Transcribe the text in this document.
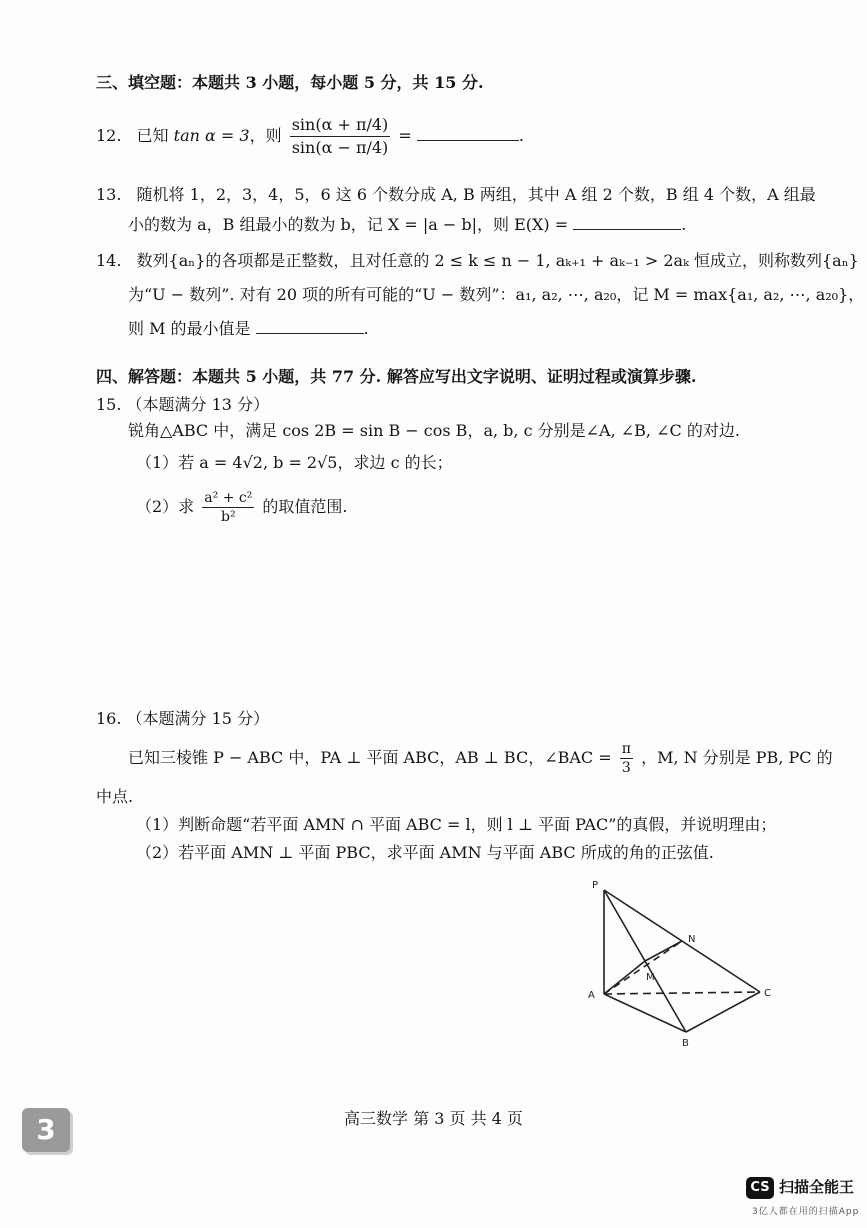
三、填空题：本题共 3 小题，每小题 5 分，共 15 分.
12. 已知 tan α = 3，则 $\frac{\sin(\alpha + \pi/4)}{\sin(\alpha - \pi/4)}$ =	.
13. 随机将 1，2，3，4，5，6 这 6 个数分成 A, B 两组，其中 A 组 2 个数，B 组 4 个数，A 组最
小的数为 a，B 组最小的数为 b，记 X = |a − b|，则 E(X) =	.
14. 数列{aₙ}的各项都是正整数，且对任意的 2 ≤ k ≤ n − 1, aₖ₊₁ + aₖ₋₁ > 2aₖ 恒成立，则称数列{aₙ}
为“U − 数列”. 对有 20 项的所有可能的“U − 数列”：a₁, a₂, ⋯, a₂₀，记 M = max{a₁, a₂, ⋯, a₂₀}，
则 M 的最小值是	.
四、解答题：本题共 5 小题，共 77 分. 解答应写出文字说明、证明过程或演算步骤.
15. （本题满分 13 分）
锐角△ABC 中，满足 cos 2B = sin B − cos B，a, b, c 分别是∠A, ∠B, ∠C 的对边.
（1）若 a = 4√2, b = 2√5，求边 c 的长；
（2）求 $\frac{\text{a² + c²}}{\text{b²}}$ 的取值范围.
16. （本题满分 15 分）
已知三棱锥 P − ABC 中，PA ⊥ 平面 ABC，AB ⊥ BC，∠BAC = $\frac{\pi}{3}$ ，M, N 分别是 PB, PC 的
中点.
（1）判断命题“若平面 AMN ∩ 平面 ABC = l，则 l ⊥ 平面 PAC”的真假，并说明理由；
（2）若平面 AMN ⊥ 平面 PBC，求平面 AMN 与平面 ABC 所成的角的正弦值.
P
N
M
A	C
B
3	高三数学 第 3 页 共 4 页
CS 扫描全能王
3亿人都在用的扫描App
